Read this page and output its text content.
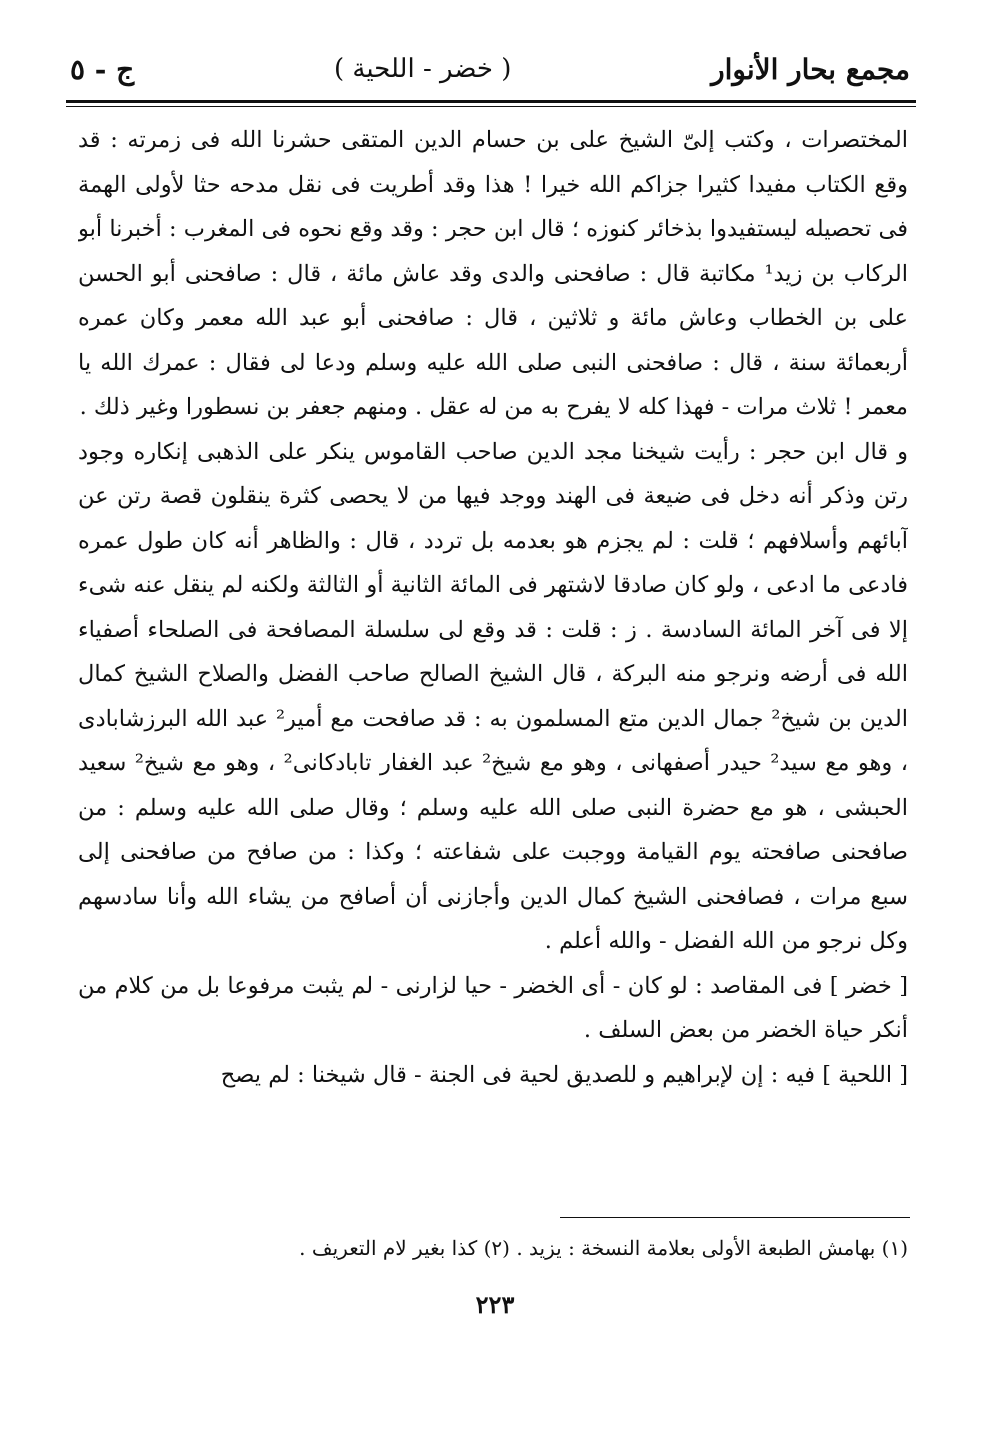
مجمع بحار الأنوار
( خضر - اللحية )
ج - ٥

المختصرات ، وكتب إلىّ الشيخ على بن حسام الدين المتقى حشرنا الله فى زمرته : قد وقع الكتاب مفيدا كثيرا جزاكم الله خيرا ! هذا وقد أطريت فى نقل مدحه حثا لأولى الهمة فى تحصيله ليستفيدوا بذخائر كنوزه ؛ قال ابن حجر : وقد وقع نحوه فى المغرب : أخبرنا أبو الركاب بن زيد¹ مكاتبة قال : صافحنى والدى وقد عاش مائة ، قال : صافحنى أبو الحسن على بن الخطاب وعاش مائة و ثلاثين ، قال : صافحنى أبو عبد الله معمر وكان عمره أربعمائة سنة ، قال : صافحنى النبى صلى الله عليه وسلم ودعا لى فقال : عمرك الله يا معمر ! ثلاث مرات - فهذا كله لا يفرح به من له عقل . ومنهم جعفر بن نسطورا وغير ذلك .

و قال ابن حجر : رأيت شيخنا مجد الدين صاحب القاموس ينكر على الذهبى إنكاره وجود رتن وذكر أنه دخل فى ضيعة فى الهند ووجد فيها من لا يحصى كثرة ينقلون قصة رتن عن آبائهم وأسلافهم ؛ قلت : لم يجزم هو بعدمه بل تردد ، قال : والظاهر أنه كان طول عمره فادعى ما ادعى ، ولو كان صادقا لاشتهر فى المائة الثانية أو الثالثة ولكنه لم ينقل عنه شىء إلا فى آخر المائة السادسة . ز : قلت : قد وقع لى سلسلة المصافحة فى الصلحاء أصفياء الله فى أرضه ونرجو منه البركة ، قال الشيخ الصالح صاحب الفضل والصلاح الشيخ كمال الدين بن شيخ² جمال الدين متع المسلمون به : قد صافحت مع أمير² عبد الله البرزشابادى ، وهو مع سيد² حيدر أصفهانى ، وهو مع شيخ² عبد الغفار تابادكانى² ، وهو مع شيخ² سعيد الحبشى ، هو مع حضرة النبى صلى الله عليه وسلم ؛ وقال صلى الله عليه وسلم : من صافحنى صافحته يوم القيامة ووجبت على شفاعته ؛ وكذا : من صافح من صافحنى إلى سبع مرات ، فصافحنى الشيخ كمال الدين وأجازنى أن أصافح من يشاء الله وأنا سادسهم وكل نرجو من الله الفضل - والله أعلم .

[ خضر ] فى المقاصد : لو كان - أى الخضر - حيا لزارنى - لم يثبت مرفوعا بل من كلام من أنكر حياة الخضر من بعض السلف .

[ اللحية ] فيه : إن لإبراهيم و للصديق لحية فى الجنة - قال شيخنا : لم يصح

(١) بهامش الطبعة الأولى بعلامة النسخة : يزيد . (٢) كذا بغير لام التعريف .
٢٢٣
